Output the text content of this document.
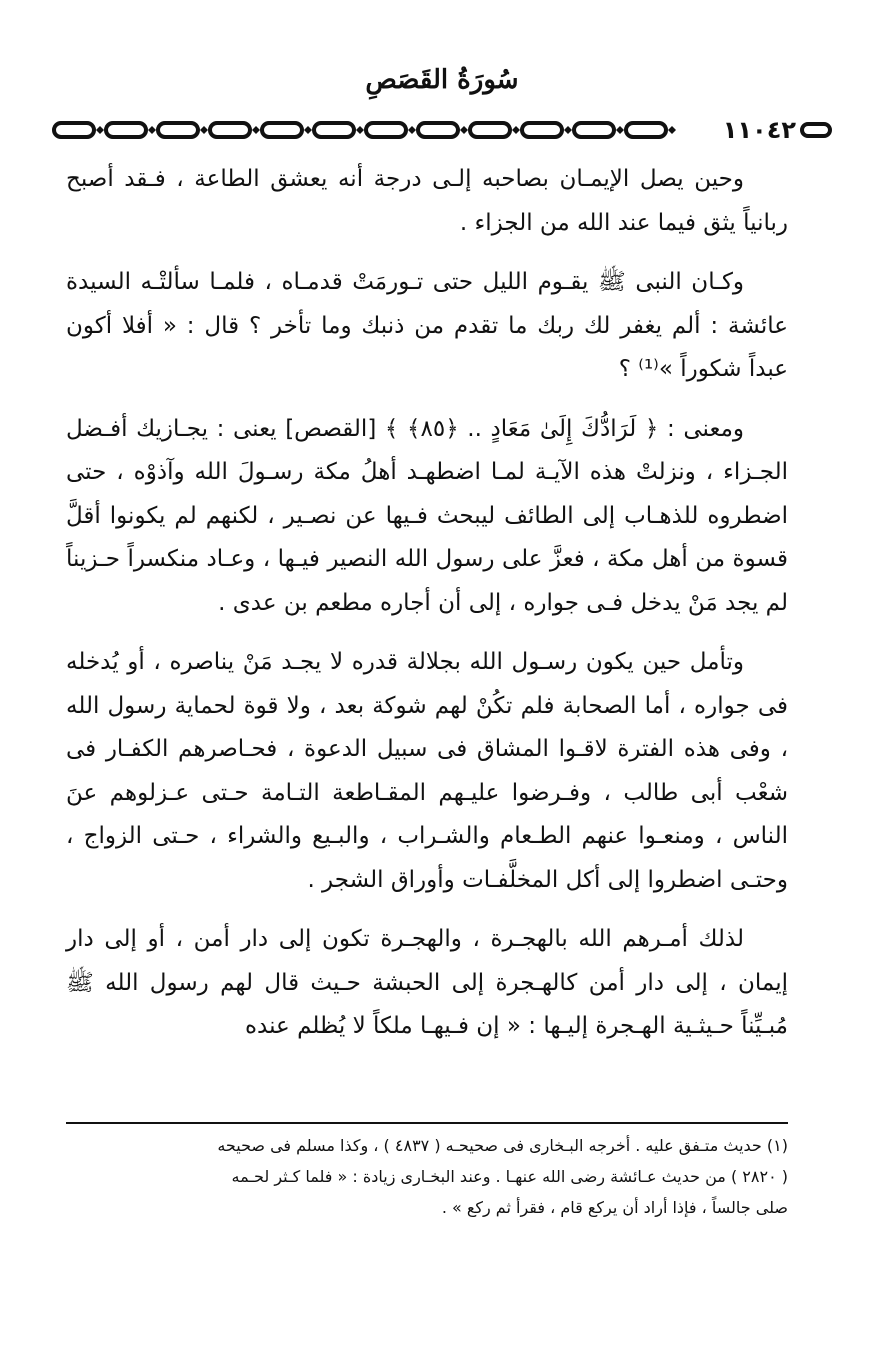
سُورَةُ القَصَصِ
١١٠٤٢

وحين يصل الإيمـان بصاحبه إلـى درجة أنه يعشق الطاعة ، فـقد أصبح ربانياً يثق فيما عند الله من الجزاء .

وكـان النبى ﷺ يقـوم الليل حتى تـورمَتْ قدمـاه ، فلمـا سألتْـه السيدة عائشة : ألم يغفر لك ربك ما تقدم من ذنبك وما تأخر ؟ قال : « أفلا أكون عبداً شكوراً »⁽¹⁾ ؟

ومعنى : ﴿ لَرَادُّكَ إِلَىٰ مَعَادٍ .. ﴿٨٥﴾ ﴾ [القصص] يعنى : يجـازيك أفـضل الجـزاء ، ونزلتْ هذه الآيـة لمـا اضطهـد أهلُ مكة رسـولَ الله وآذوْه ، حتى اضطروه للذهـاب إلى الطائف ليبحث فـيها عن نصـير ، لكنهم لم يكونوا أقلَّ قسوة من أهل مكة ، فعزَّ على رسول الله النصير فيـها ، وعـاد منكسراً حـزيناً لم يجد مَنْ يدخل فـى جواره ، إلى أن أجاره مطعم بن عدى .

وتأمل حين يكون رسـول الله بجلالة قدره لا يجـد مَنْ يناصره ، أو يُدخله فى جواره ، أما الصحابة فلم تكُنْ لهم شوكة بعد ، ولا قوة لحماية رسول الله ، وفى هذه الفترة لاقـوا المشاق فى سبيل الدعوة ، فحـاصرهم الكفـار فى شعْب أبى طالب ، وفـرضوا عليـهم المقـاطعة التـامة حـتى عـزلوهم عنَ الناس ، ومنعـوا عنهم الطـعام والشـراب ، والبـيع والشراء ، حـتى الزواج ، وحتـى اضطروا إلى أكل المخلَّفـات وأوراق الشجر .

لذلك أمـرهم الله بالهجـرة ، والهجـرة تكون إلى دار أمن ، أو إلى دار إيمان ، إلى دار أمن كالهـجرة إلى الحبشة حـيث قال لهم رسول الله ﷺ مُبـيِّناً حـيثـية الهـجرة إليـها : « إن فـيهـا ملكاً لا يُظلم عنده

(١) حديث متـفق عليه . أخرجه البـخارى فى صحيحـه ( ٤٨٣٧ ) ، وكذا مسلم فى صحيحه

( ٢٨٢٠ ) من حديث عـائشة رضى الله عنهـا . وعند البخـارى زيادة : « فلما كـثر لحـمه

صلى جالساً ، فإذا أراد أن يركع قام ، فقرأ ثم ركع » .
